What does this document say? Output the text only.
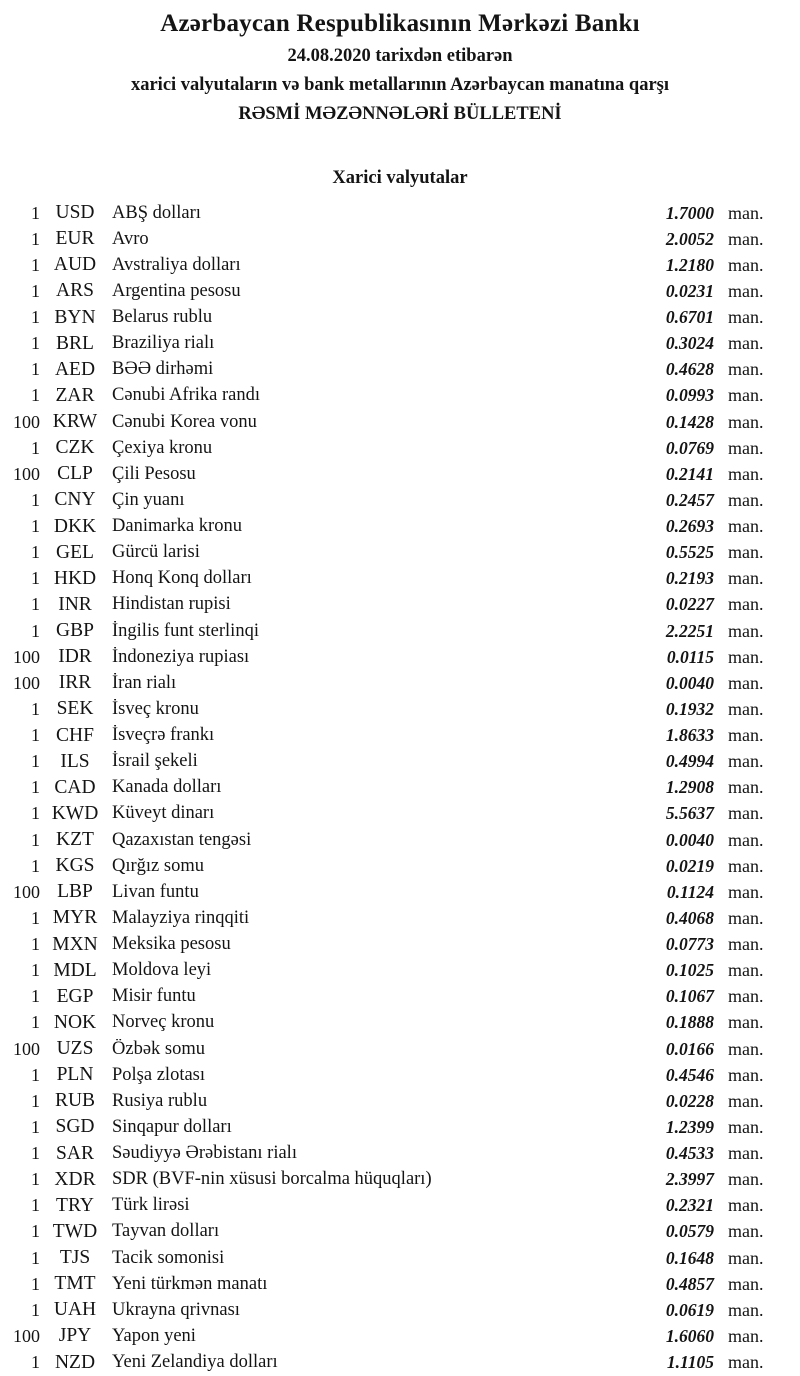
Azərbaycan Respublikasının Mərkəzi Bankı
24.08.2020 tarixdən etibarən
xarici valyutaların və bank metallarının Azərbaycan manatına qarşı
RƏSMİ MƏZƏNNƏLƏRİ BÜLLETENİ
Xarici valyutalar
1 USD ABŞ dolları	1.7000 man.
1 EUR Avro	2.0052 man.
1 AUD Avstraliya dolları	1.2180 man.
1 ARS Argentina pesosu	0.0231 man.
1 BYN Belarus rublu	0.6701 man.
1 BRL Braziliya rialı	0.3024 man.
1 AED BƏƏ dirhəmi	0.4628 man.
1 ZAR Cənubi Afrika randı	0.0993 man.
100 KRW Cənubi Korea vonu	0.1428 man.
1 CZK Çexiya kronu	0.0769 man.
100 CLP	Çili Pesosu	0.2141 man.
1 CNY Çin yuanı	0.2457 man.
1 DKK Danimarka kronu	0.2693 man.
1 GEL Gürcü larisi	0.5525 man.
1 HKD Honq Konq dolları	0.2193 man.
1 INR	Hindistan rupisi	0.0227 man.
1 GBP İngilis funt sterlinqi	2.2251 man.
100 IDR	İndoneziya rupiası	0.0115 man.
100 IRR	İran rialı	0.0040 man.
1 SEK	İsveç kronu	0.1932 man.
1 CHF İsveçrə frankı	1.8633 man.
1	ILS	İsrail şekeli	0.4994 man.
1 CAD Kanada dolları	1.2908 man.
1 KWD Küveyt dinarı	5.5637 man.
1 KZT Qazaxıstan tengəsi	0.0040 man.
1 KGS Qırğız somu	0.0219 man.
100 LBP	Livan funtu	0.1124 man.
1 MYR Malayziya rinqqiti	0.4068 man.
1 MXN Meksika pesosu	0.0773 man.
1 MDL Moldova leyi	0.1025 man.
1 EGP	Misir funtu	0.1067 man.
1 NOK Norveç kronu	0.1888 man.
100 UZS	Özbək somu	0.0166 man.
1 PLN	Polşa zlotası	0.4546 man.
1 RUB Rusiya rublu	0.0228 man.
1 SGD Sinqapur dolları	1.2399 man.
1 SAR Səudiyyə Ərəbistanı rialı	0.4533 man.
1 XDR SDR (BVF-nin xüsusi borcalma hüquqları)	2.3997 man.
1 TRY Türk lirəsi	0.2321 man.
1 TWD Tayvan dolları	0.0579 man.
1	TJS	Tacik somonisi	0.1648 man.
1 TMT Yeni türkmən manatı	0.4857 man.
1 UAH Ukrayna qrivnası	0.0619 man.
100 JPY	Yapon yeni	1.6060 man.
1 NZD Yeni Zelandiya dolları	1.1105 man.
